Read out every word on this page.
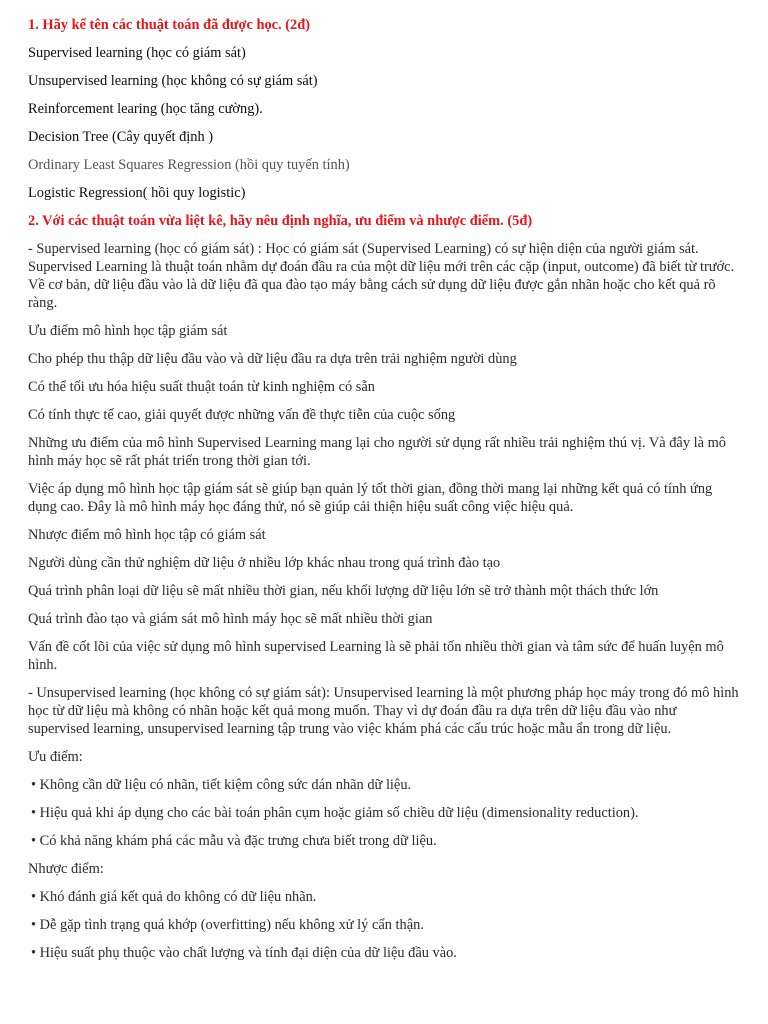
1. Hãy kể tên các thuật toán đã được học. (2đ)

Supervised learning (học có giám sát)

Unsupervised learning (học không có sự giám sát)

Reinforcement learing (học tăng cường).

Decision Tree (Cây quyết định )

Ordinary Least Squares Regression (hồi quy tuyến tính)

Logistic Regression( hồi quy logistic)

2. Với các thuật toán vừa liệt kê, hãy nêu định nghĩa, ưu điểm và nhược điểm. (5đ)

- Supervised learning (học có giám sát) : Học có giám sát (Supervised Learning) có sự hiện diện của người giám sát. Supervised Learning là thuật toán nhằm dự đoán đầu ra của một dữ liệu mới trên các cặp (input, outcome) đã biết từ trước. Về cơ bản, dữ liệu đầu vào là dữ liệu đã qua đào tạo máy bằng cách sử dụng dữ liệu được gắn nhãn hoặc cho kết quả rõ ràng.

Ưu điểm mô hình học tập giám sát

Cho phép thu thập dữ liệu đầu vào và dữ liệu đầu ra dựa trên trải nghiệm người dùng

Có thể tối ưu hóa hiệu suất thuật toán từ kinh nghiệm có sẵn

Có tính thực tế cao, giải quyết được những vấn đề thực tiễn của cuộc sống

Những ưu điểm của mô hình Supervised Learning mang lại cho người sử dụng rất nhiều trải nghiệm thú vị. Và đây là mô hình máy học sẽ rất phát triển trong thời gian tới.

Việc áp dụng mô hình học tập giám sát sẽ giúp bạn quản lý tốt thời gian, đồng thời mang lại những kết quả có tính ứng dụng cao. Đây là mô hình máy học đáng thử, nó sẽ giúp cải thiện hiệu suất công việc hiệu quả.

Nhược điểm mô hình học tập có giám sát

Người dùng cần thử nghiệm dữ liệu ở nhiều lớp khác nhau trong quá trình đào tạo

Quá trình phân loại dữ liệu sẽ mất nhiều thời gian, nếu khối lượng dữ liệu lớn sẽ trở thành một thách thức lớn

Quá trình đào tạo và giám sát mô hình máy học sẽ mất nhiều thời gian

Vấn đề cốt lõi của việc sử dụng mô hình supervised Learning là sẽ phải tốn nhiều thời gian và tâm sức để huấn luyện mô hình.

- Unsupervised learning (học không có sự giám sát): Unsupervised learning là một phương pháp học máy trong đó mô hình học từ dữ liệu mà không có nhãn hoặc kết quả mong muốn. Thay vì dự đoán đầu ra dựa trên dữ liệu đầu vào như supervised learning, unsupervised learning tập trung vào việc khám phá các cấu trúc hoặc mẫu ẩn trong dữ liệu.

Ưu điểm:

• Không cần dữ liệu có nhãn, tiết kiệm công sức dán nhãn dữ liệu.

• Hiệu quả khi áp dụng cho các bài toán phân cụm hoặc giảm số chiều dữ liệu (dimensionality reduction).

• Có khả năng khám phá các mẫu và đặc trưng chưa biết trong dữ liệu.

Nhược điểm:

• Khó đánh giá kết quả do không có dữ liệu nhãn.

• Dễ gặp tình trạng quá khớp (overfitting) nếu không xử lý cẩn thận.

• Hiệu suất phụ thuộc vào chất lượng và tính đại diện của dữ liệu đầu vào.
